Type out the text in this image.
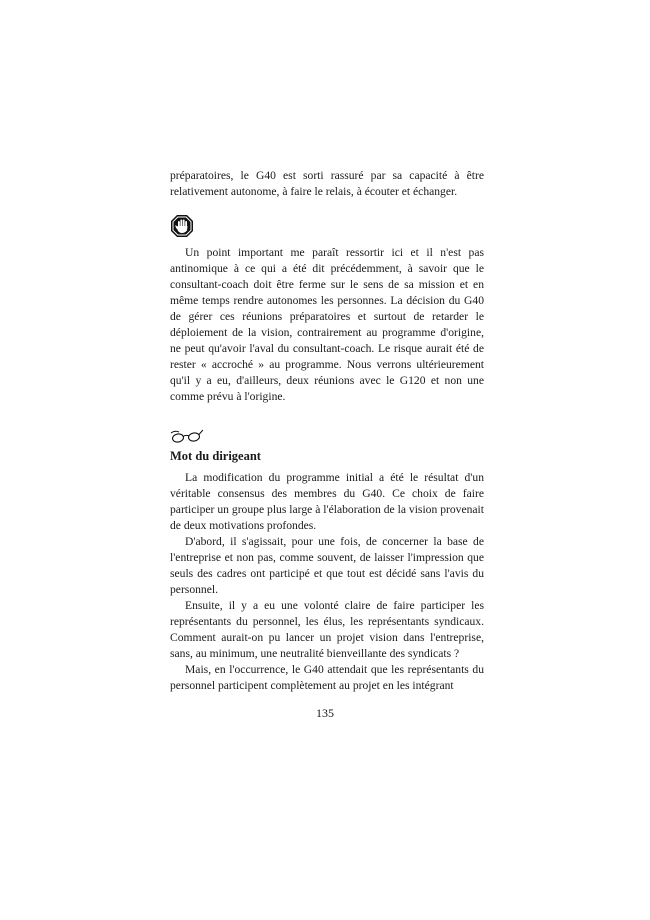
préparatoires, le G40 est sorti rassuré par sa capacité à être relativement autonome, à faire le relais, à écouter et échanger.

Un point important me paraît ressortir ici et il n'est pas antinomique à ce qui a été dit précédemment, à savoir que le consultant-coach doit être ferme sur le sens de sa mission et en même temps rendre autonomes les personnes. La décision du G40 de gérer ces réunions préparatoires et surtout de retarder le déploiement de la vision, contrairement au programme d'origine, ne peut qu'avoir l'aval du consultant-coach. Le risque aurait été de rester « accroché » au programme. Nous verrons ultérieurement qu'il y a eu, d'ailleurs, deux réunions avec le G120 et non une comme prévu à l'origine.

Mot du dirigeant

La modification du programme initial a été le résultat d'un véritable consensus des membres du G40. Ce choix de faire participer un groupe plus large à l'élaboration de la vision provenait de deux motivations profondes.

D'abord, il s'agissait, pour une fois, de concerner la base de l'entreprise et non pas, comme souvent, de laisser l'impression que seuls des cadres ont participé et que tout est décidé sans l'avis du personnel.

Ensuite, il y a eu une volonté claire de faire participer les représentants du personnel, les élus, les représentants syndicaux. Comment aurait-on pu lancer un projet vision dans l'entreprise, sans, au minimum, une neutralité bienveillante des syndicats ?

Mais, en l'occurrence, le G40 attendait que les représentants du personnel participent complètement au projet en les intégrant

135
